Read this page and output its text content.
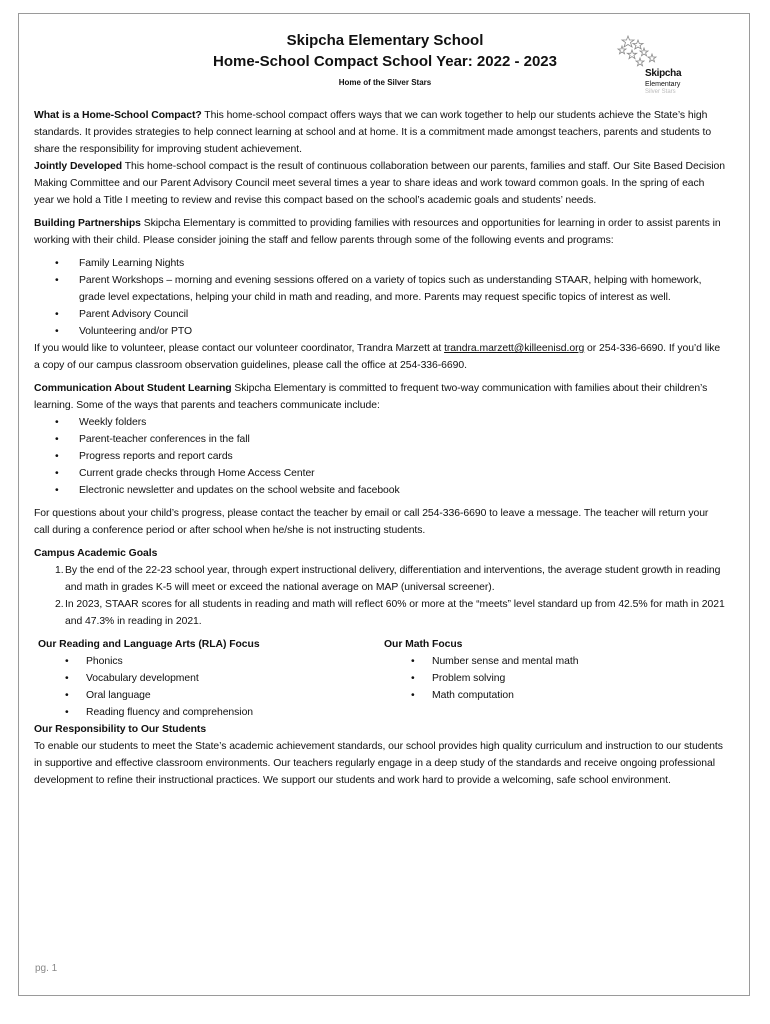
Skipcha Elementary School
Home-School Compact School Year: 2022 - 2023
Home of the Silver Stars
Skipcha
Elementary
Silver Stars

What is a Home-School Compact? This home-school compact offers ways that we can work together to help our students achieve the State’s high standards. It provides strategies to help connect learning at school and at home. It is a commitment made amongst teachers, parents and students to share the responsibility for improving student achievement.

Jointly Developed This home-school compact is the result of continuous collaboration between our parents, families and staff. Our Site Based Decision Making Committee and our Parent Advisory Council meet several times a year to share ideas and work toward common goals. In the spring of each year we hold a Title I meeting to review and revise this compact based on the school’s academic goals and students’ needs.

Building Partnerships Skipcha Elementary is committed to providing families with resources and opportunities for learning in order to assist parents in working with their child. Please consider joining the staff and fellow parents through some of the following events and programs:

• Family Learning Nights
• Parent Workshops – morning and evening sessions offered on a variety of topics such as understanding STAAR, helping with homework, grade level expectations, helping your child in math and reading, and more. Parents may request specific topics of interest as well.
• Parent Advisory Council
• Volunteering and/or PTO

If you would like to volunteer, please contact our volunteer coordinator, Trandra Marzett at trandra.marzett@killeenisd.org or 254-336-6690. If you’d like a copy of our campus classroom observation guidelines, please call the office at 254-336-6690.

Communication About Student Learning Skipcha Elementary is committed to frequent two-way communication with families about their children’s learning. Some of the ways that parents and teachers communicate include:

• Weekly folders
• Parent-teacher conferences in the fall
• Progress reports and report cards
• Current grade checks through Home Access Center
• Electronic newsletter and updates on the school website and facebook

For questions about your child’s progress, please contact the teacher by email or call 254-336-6690 to leave a message. The teacher will return your call during a conference period or after school when he/she is not instructing students.

Campus Academic Goals

1. By the end of the 22-23 school year, through expert instructional delivery, differentiation and interventions, the average student growth in reading and math in grades K-5 will meet or exceed the national average on MAP (universal screener).
2. In 2023, STAAR scores for all students in reading and math will reflect 60% or more at the “meets” level standard up from 42.5% for math in 2021 and 47.3% in reading in 2021.
Our Reading and Language Arts (RLA) Focus
• Phonics
• Vocabulary development
• Oral language
• Reading fluency and comprehension
Our Math Focus
• Number sense and mental math
• Problem solving
• Math computation

Our Responsibility to Our Students

To enable our students to meet the State’s academic achievement standards, our school provides high quality curriculum and instruction to our students in supportive and effective classroom environments. Our teachers regularly engage in a deep study of the standards and receive ongoing professional development to refine their instructional practices. We support our students and work hard to provide a welcoming, safe school environment.

pg. 1
